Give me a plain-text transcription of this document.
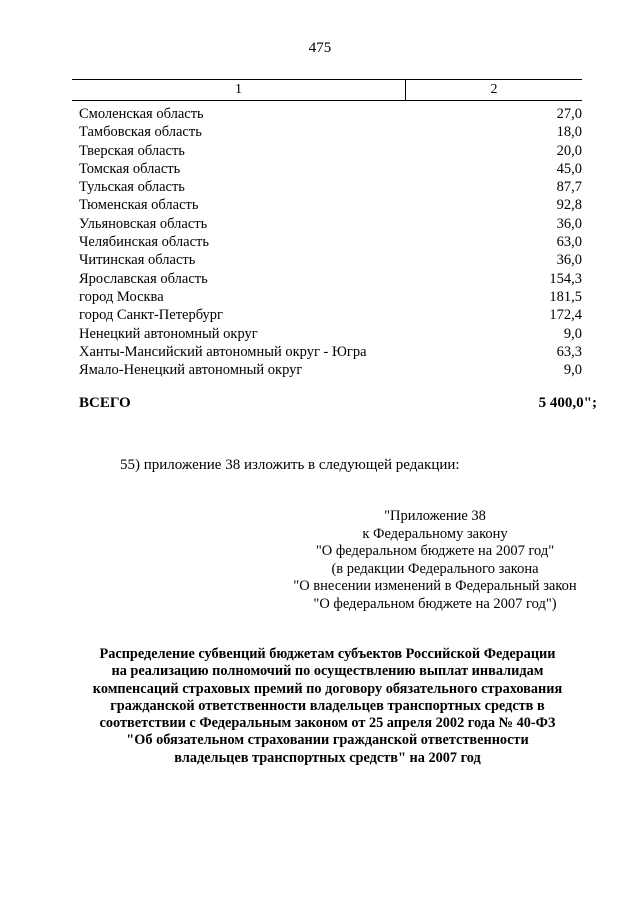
475
1	2
Смоленская область	27,0
Тамбовская область	18,0
Тверская область	20,0
Томская область	45,0
Тульская область	87,7
Тюменская область	92,8
Ульяновская область	36,0
Челябинская область	63,0
Читинская область	36,0
Ярославская область	154,3
город Москва	181,5
город Санкт-Петербург	172,4
Ненецкий автономный округ	9,0
Ханты-Мансийский автономный округ - Югра	63,3
Ямало-Ненецкий автономный округ	9,0
ВСЕГО	5 400,0";
55) приложение 38 изложить в следующей редакции:
"Приложение 38
к Федеральному закону
"О федеральном бюджете на 2007 год"
(в редакции Федерального закона
"О внесении изменений в Федеральный закон
"О федеральном бюджете на 2007 год")
Распределение субвенций бюджетам субъектов Российской Федерации
на реализацию полномочий по осуществлению выплат инвалидам
компенсаций страховых премий по договору обязательного страхования
гражданской ответственности владельцев транспортных средств в
соответствии с Федеральным законом от 25 апреля 2002 года № 40-ФЗ
"Об обязательном страховании гражданской ответственности
владельцев транспортных средств" на 2007 год
